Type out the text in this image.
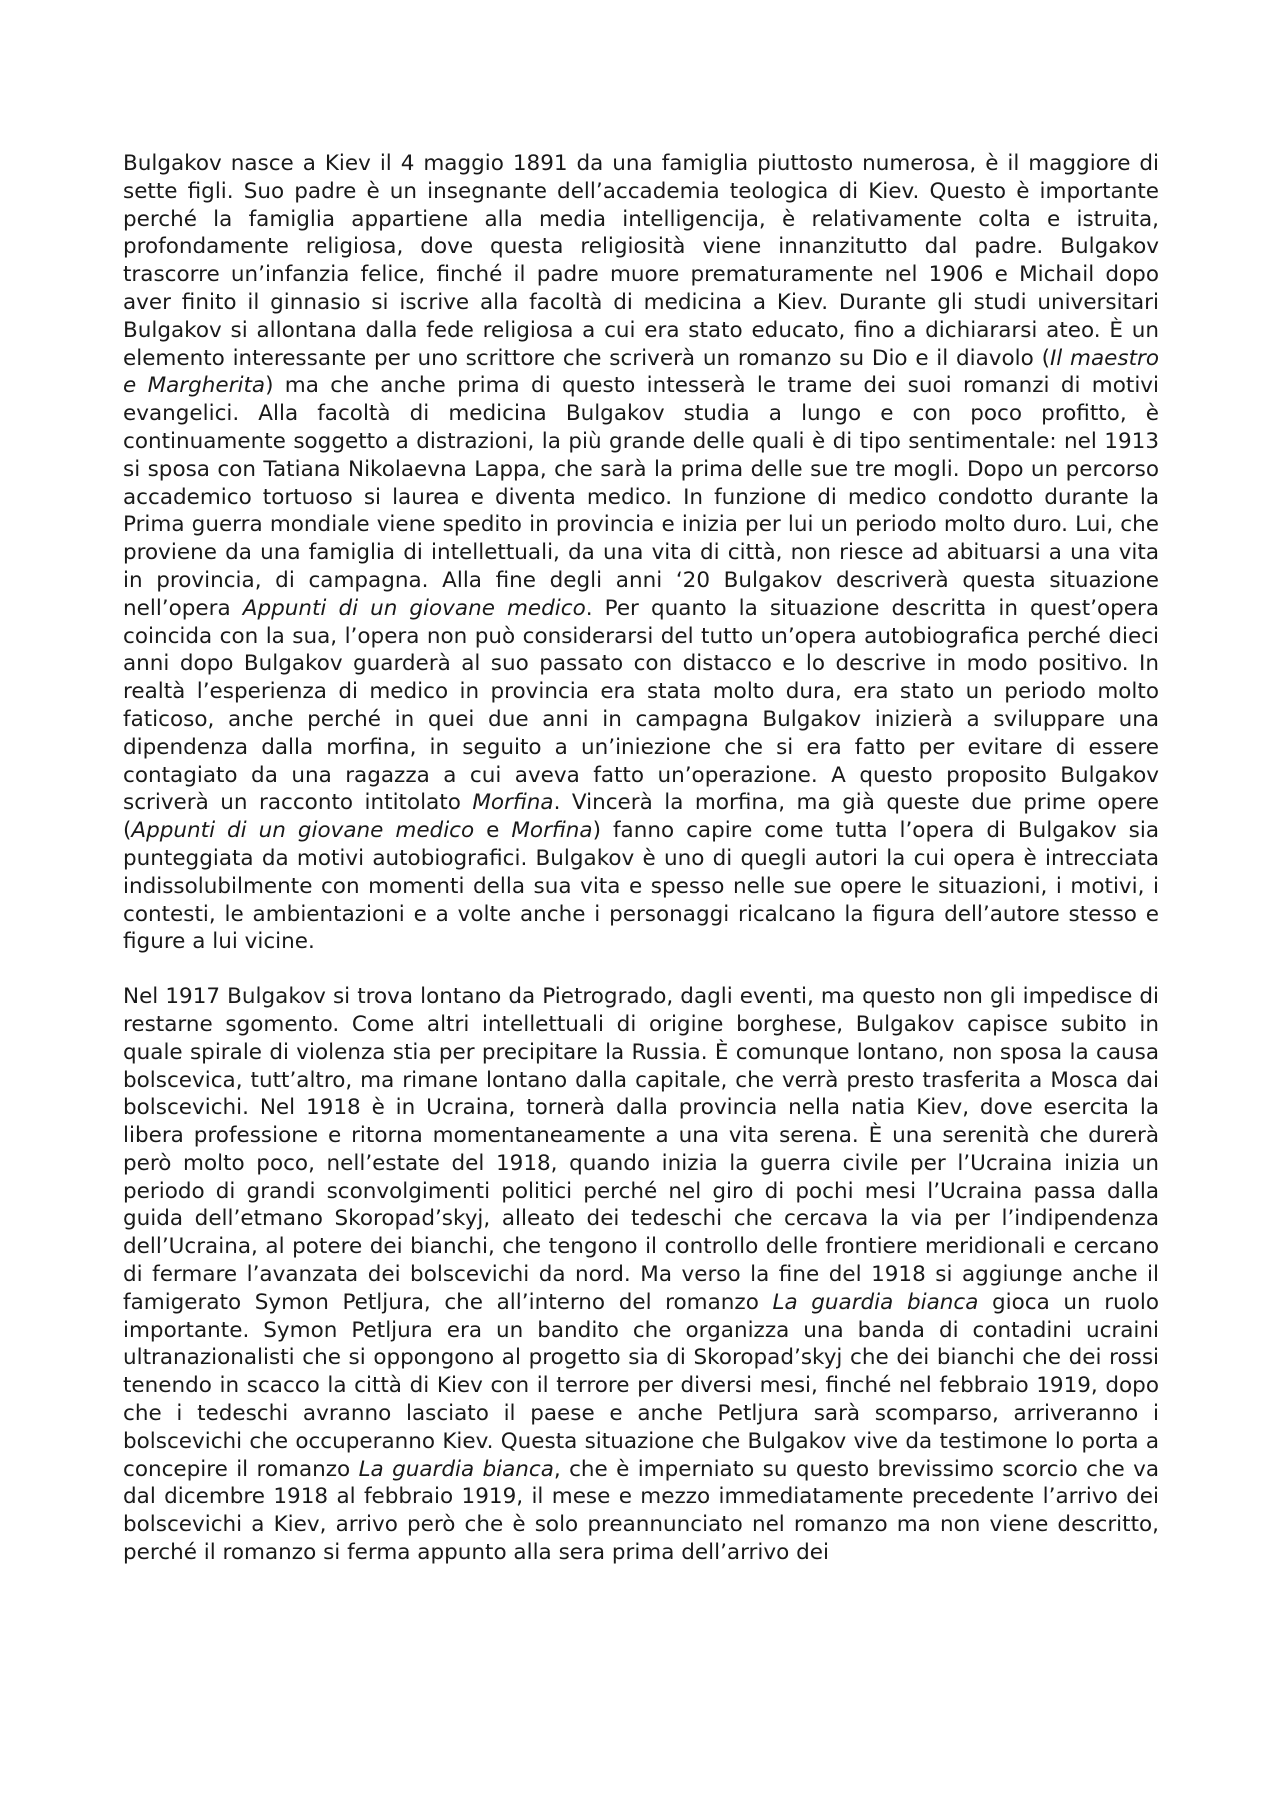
Bulgakov nasce a Kiev il 4 maggio 1891 da una famiglia piuttosto numerosa, è il maggiore di sette figli. Suo padre è un insegnante dell’accademia teologica di Kiev. Questo è importante perché la famiglia appartiene alla media intelligencija, è relativamente colta e istruita, profondamente religiosa, dove questa religiosità viene innanzitutto dal padre. Bulgakov trascorre un’infanzia felice, finché il padre muore prematuramente nel 1906 e Michail dopo aver finito il ginnasio si iscrive alla facoltà di medicina a Kiev. Durante gli studi universitari Bulgakov si allontana dalla fede religiosa a cui era stato educato, fino a dichiararsi ateo. È un elemento interessante per uno scrittore che scriverà un romanzo su Dio e il diavolo (Il maestro e Margherita) ma che anche prima di questo intesserà le trame dei suoi romanzi di motivi evangelici. Alla facoltà di medicina Bulgakov studia a lungo e con poco profitto, è continuamente soggetto a distrazioni, la più grande delle quali è di tipo sentimentale: nel 1913 si sposa con Tatiana Nikolaevna Lappa, che sarà la prima delle sue tre mogli. Dopo un percorso accademico tortuoso si laurea e diventa medico. In funzione di medico condotto durante la Prima guerra mondiale viene spedito in provincia e inizia per lui un periodo molto duro. Lui, che proviene da una famiglia di intellettuali, da una vita di città, non riesce ad abituarsi a una vita in provincia, di campagna. Alla fine degli anni ‘20 Bulgakov descriverà questa situazione nell’opera Appunti di un giovane medico. Per quanto la situazione descritta in quest’opera coincida con la sua, l’opera non può considerarsi del tutto un’opera autobiografica perché dieci anni dopo Bulgakov guarderà al suo passato con distacco e lo descrive in modo positivo. In realtà l’esperienza di medico in provincia era stata molto dura, era stato un periodo molto faticoso, anche perché in quei due anni in campagna Bulgakov inizierà a sviluppare una dipendenza dalla morfina, in seguito a un’iniezione che si era fatto per evitare di essere contagiato da una ragazza a cui aveva fatto un’operazione. A questo proposito Bulgakov scriverà un racconto intitolato Morfina. Vincerà la morfina, ma già queste due prime opere (Appunti di un giovane medico e Morfina) fanno capire come tutta l’opera di Bulgakov sia punteggiata da motivi autobiografici. Bulgakov è uno di quegli autori la cui opera è intrecciata indissolubilmente con momenti della sua vita e spesso nelle sue opere le situazioni, i motivi, i contesti, le ambientazioni e a volte anche i personaggi ricalcano la figura dell’autore stesso e figure a lui vicine.

Nel 1917 Bulgakov si trova lontano da Pietrogrado, dagli eventi, ma questo non gli impedisce di restarne sgomento. Come altri intellettuali di origine borghese, Bulgakov capisce subito in quale spirale di violenza stia per precipitare la Russia. È comunque lontano, non sposa la causa bolscevica, tutt’altro, ma rimane lontano dalla capitale, che verrà presto trasferita a Mosca dai bolscevichi. Nel 1918 è in Ucraina, tornerà dalla provincia nella natia Kiev, dove esercita la libera professione e ritorna momentaneamente a una vita serena. È una serenità che durerà però molto poco, nell’estate del 1918, quando inizia la guerra civile per l’Ucraina inizia un periodo di grandi sconvolgimenti politici perché nel giro di pochi mesi l’Ucraina passa dalla guida dell’etmano Skoropad’skyj, alleato dei tedeschi che cercava la via per l’indipendenza dell’Ucraina, al potere dei bianchi, che tengono il controllo delle frontiere meridionali e cercano di fermare l’avanzata dei bolscevichi da nord. Ma verso la fine del 1918 si aggiunge anche il famigerato Symon Petljura, che all’interno del romanzo La guardia bianca gioca un ruolo importante. Symon Petljura era un bandito che organizza una banda di contadini ucraini ultranazionalisti che si oppongono al progetto sia di Skoropad’skyj che dei bianchi che dei rossi tenendo in scacco la città di Kiev con il terrore per diversi mesi, finché nel febbraio 1919, dopo che i tedeschi avranno lasciato il paese e anche Petljura sarà scomparso, arriveranno i bolscevichi che occuperanno Kiev. Questa situazione che Bulgakov vive da testimone lo porta a concepire il romanzo La guardia bianca, che è imperniato su questo brevissimo scorcio che va dal dicembre 1918 al febbraio 1919, il mese e mezzo immediatamente precedente l’arrivo dei bolscevichi a Kiev, arrivo però che è solo preannunciato nel romanzo ma non viene descritto, perché il romanzo si ferma appunto alla sera prima dell’arrivo dei
